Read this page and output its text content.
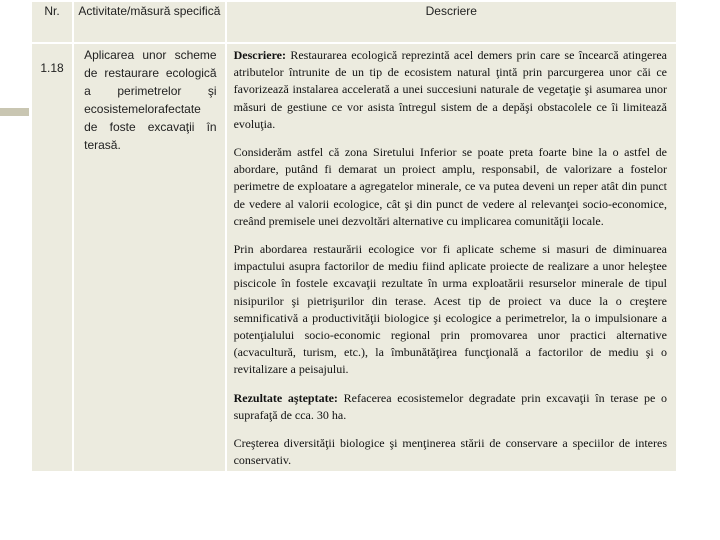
Nr.	Activitate/măsură specifică	Descriere

1.18	Aplicarea unor scheme de restaurare ecologică a perimetrelor şi ecosistemelorafectate de foste excavaţii în terasă.	Descriere: Restaurarea ecologică reprezintă acel demers prin care se încearcă atingerea atributelor întrunite de un tip de ecosistem natural ţintă prin parcurgerea unor căi ce favorizează instalarea accelerată a unei succesiuni naturale de vegetaţie şi asumarea unor măsuri de gestiune ce vor asista întregul sistem de a depăşi obstacolele ce îi limitează evoluţia.

Considerăm astfel că zona Siretului Inferior se poate preta foarte bine la o astfel de abordare, putând fi demarat un proiect amplu, responsabil, de valorizare a fostelor perimetre de exploatare a agregatelor minerale, ce va putea deveni un reper atât din punct de vedere al valorii ecologice, cât şi din punct de vedere al relevanţei socio-economice, creând premisele unei dezvoltări alternative cu implicarea comunităţii locale.

Prin abordarea restaurării ecologice vor fi aplicate scheme si masuri de diminuarea impactului asupra factorilor de mediu fiind aplicate proiecte de realizare a unor heleştee piscicole în fostele excavaţii rezultate în urma exploatării resurselor minerale de tipul nisipurilor şi pietrişurilor din terase. Acest tip de proiect va duce la o creştere semnificativă a productivităţii biologice şi ecologice a perimetrelor, la o impulsionare a potenţialului socio-economic regional prin promovarea unor practici alternative (acvacultură, turism, etc.), la îmbunătăţirea funcţională a factorilor de mediu şi o revitalizare a peisajului.

Rezultate aşteptate: Refacerea ecosistemelor degradate prin excavaţii în terase pe o suprafaţă de cca. 30 ha.

Creşterea diversităţii biologice şi menţinerea stării de conservare a speciilor de interes conservativ.
